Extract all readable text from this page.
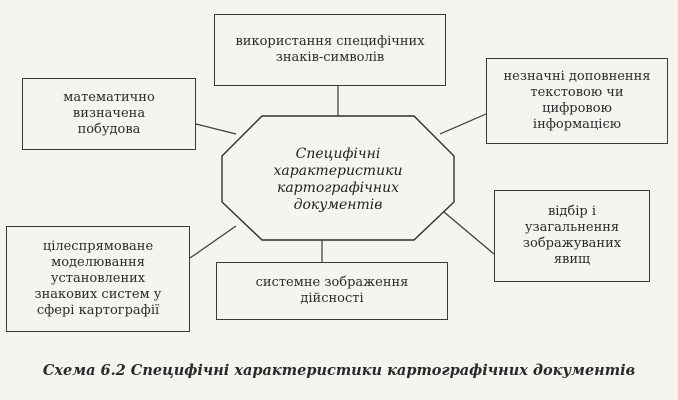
Специфічні
характеристики
картографічних
документів
використання специфічних
знаків-символів
математично
визначена
побудова
незначні доповнення
текстовою чи
цифровою
інформацією
відбір і
узагальнення
зображуваних
явищ
цілеспрямоване
моделювання
установлених
знакових систем у
сфері картографії
системне зображення
дійсності
Схема 6.2 Специфічні характеристики картографічних документів
